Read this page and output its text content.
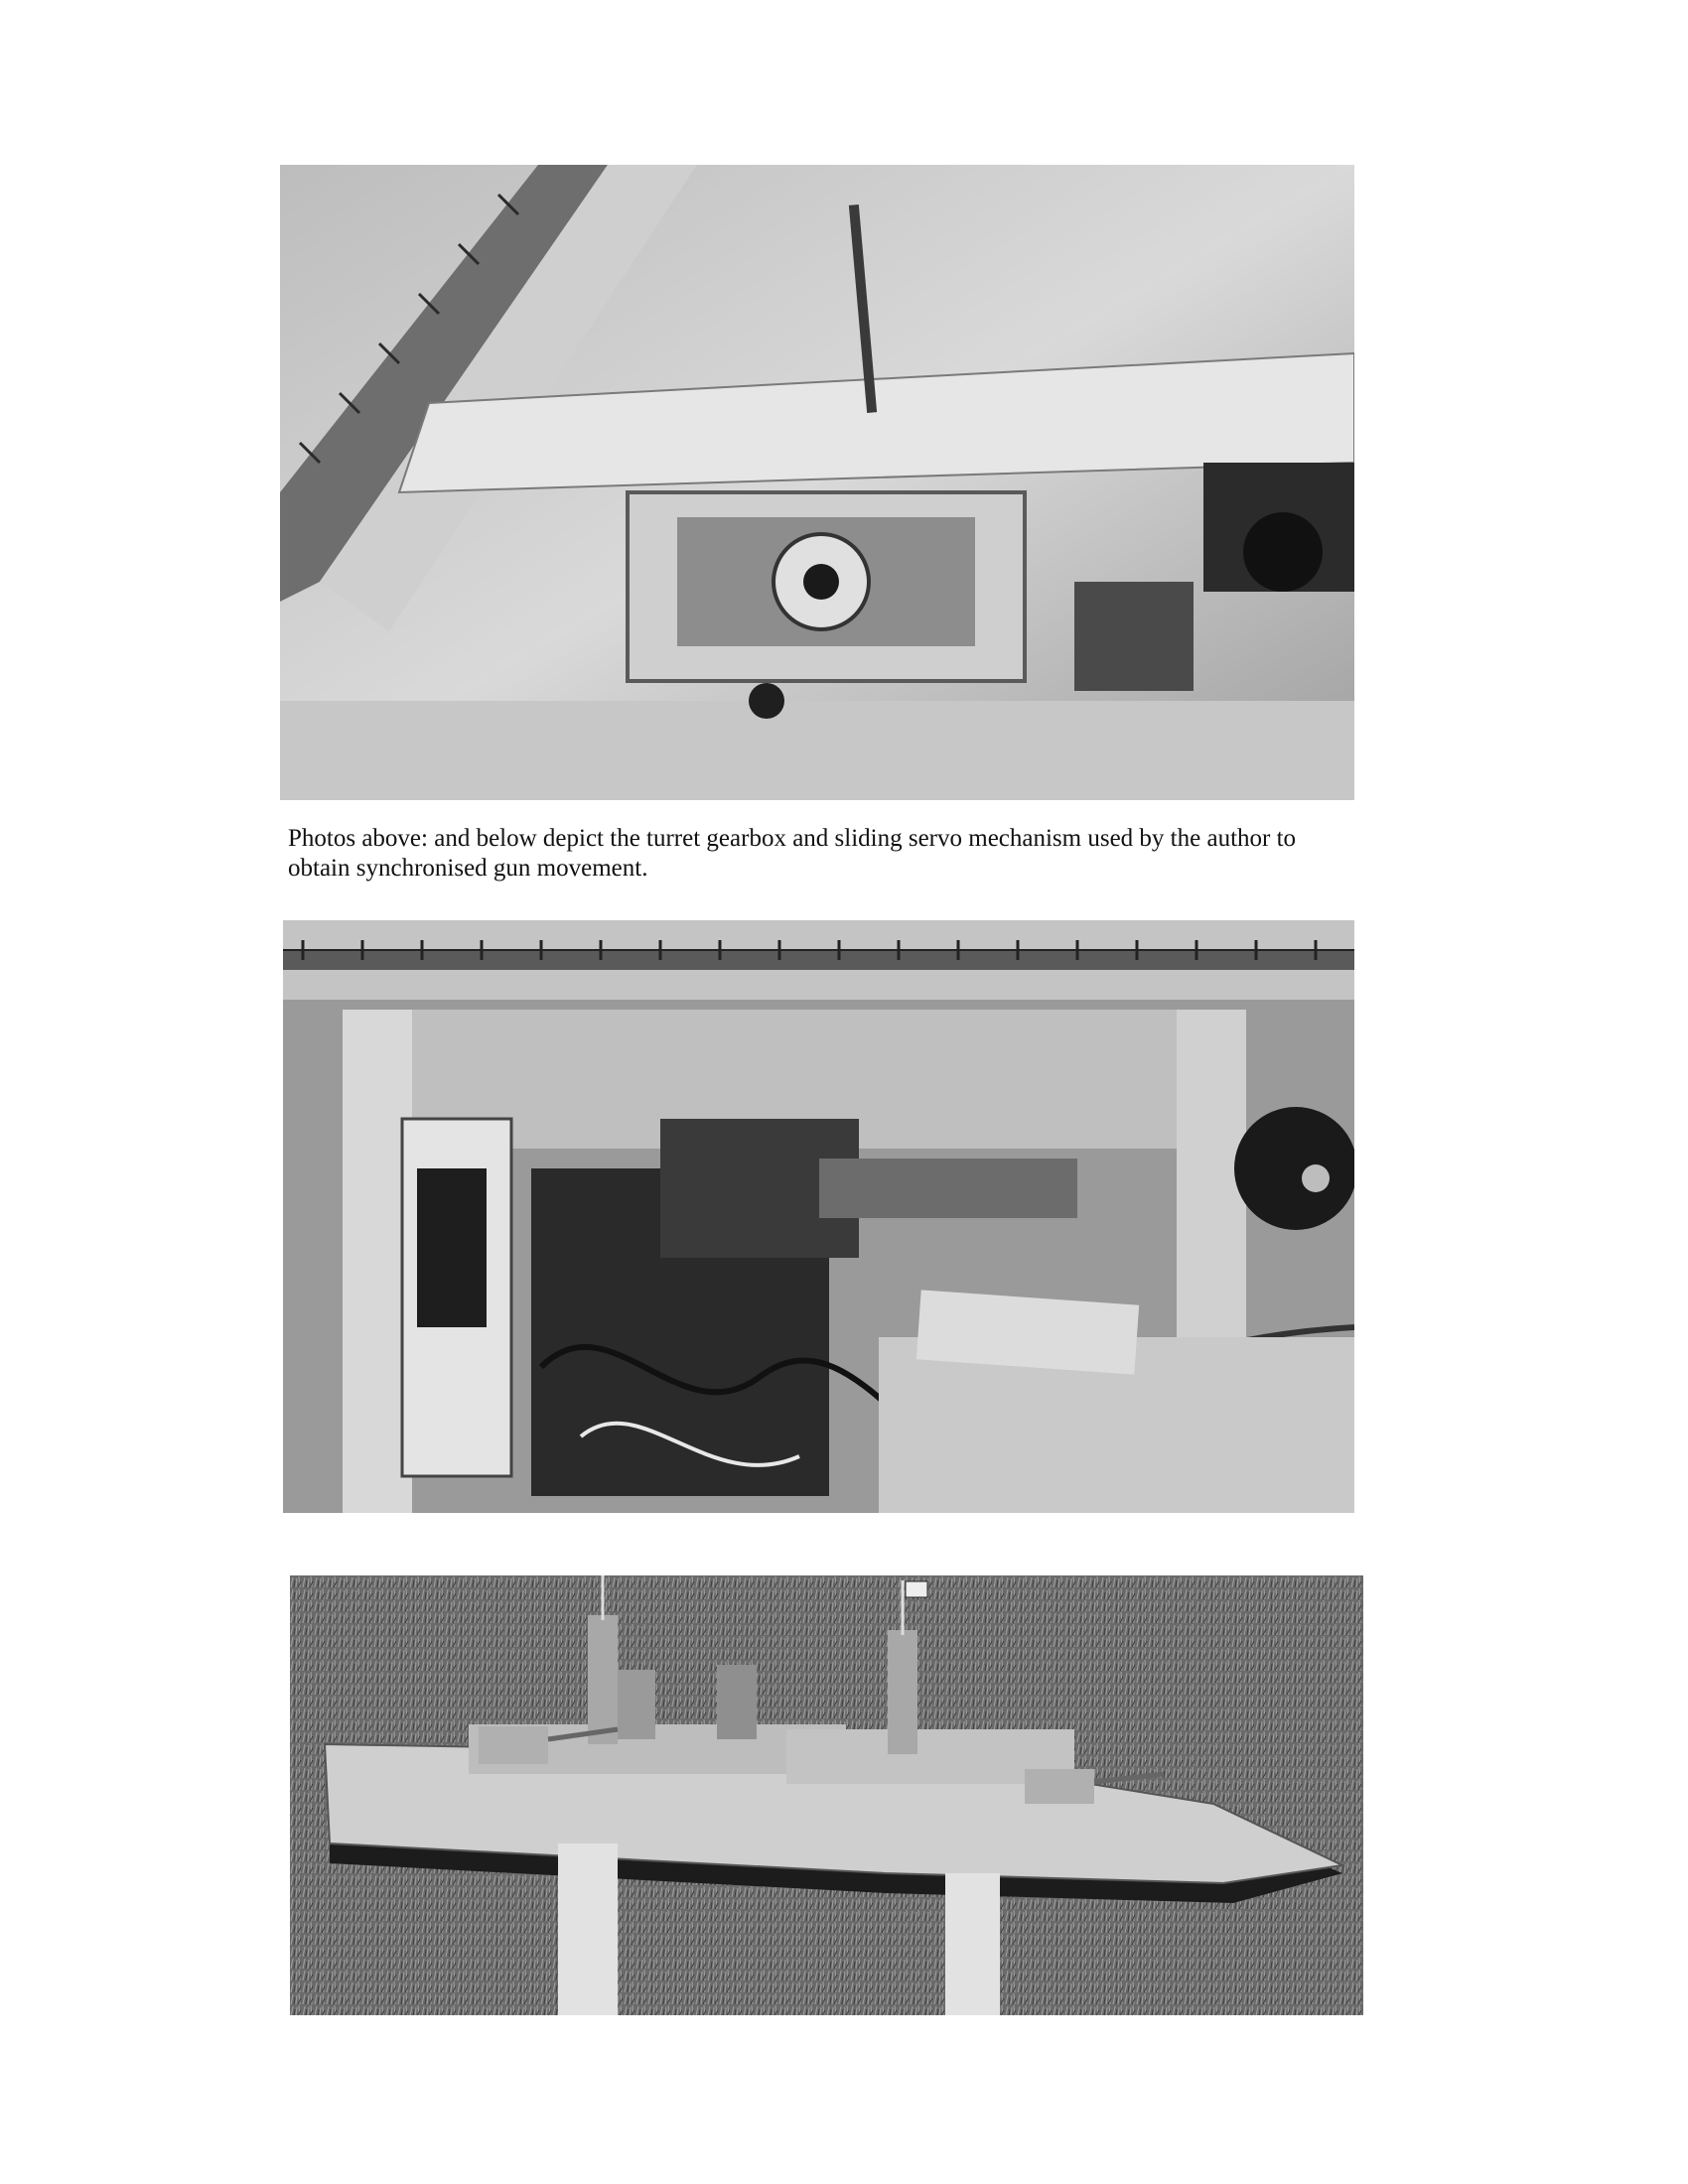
Photos above: and below depict the turret gearbox and sliding servo mechanism used by the author to
obtain synchronised gun movement.
